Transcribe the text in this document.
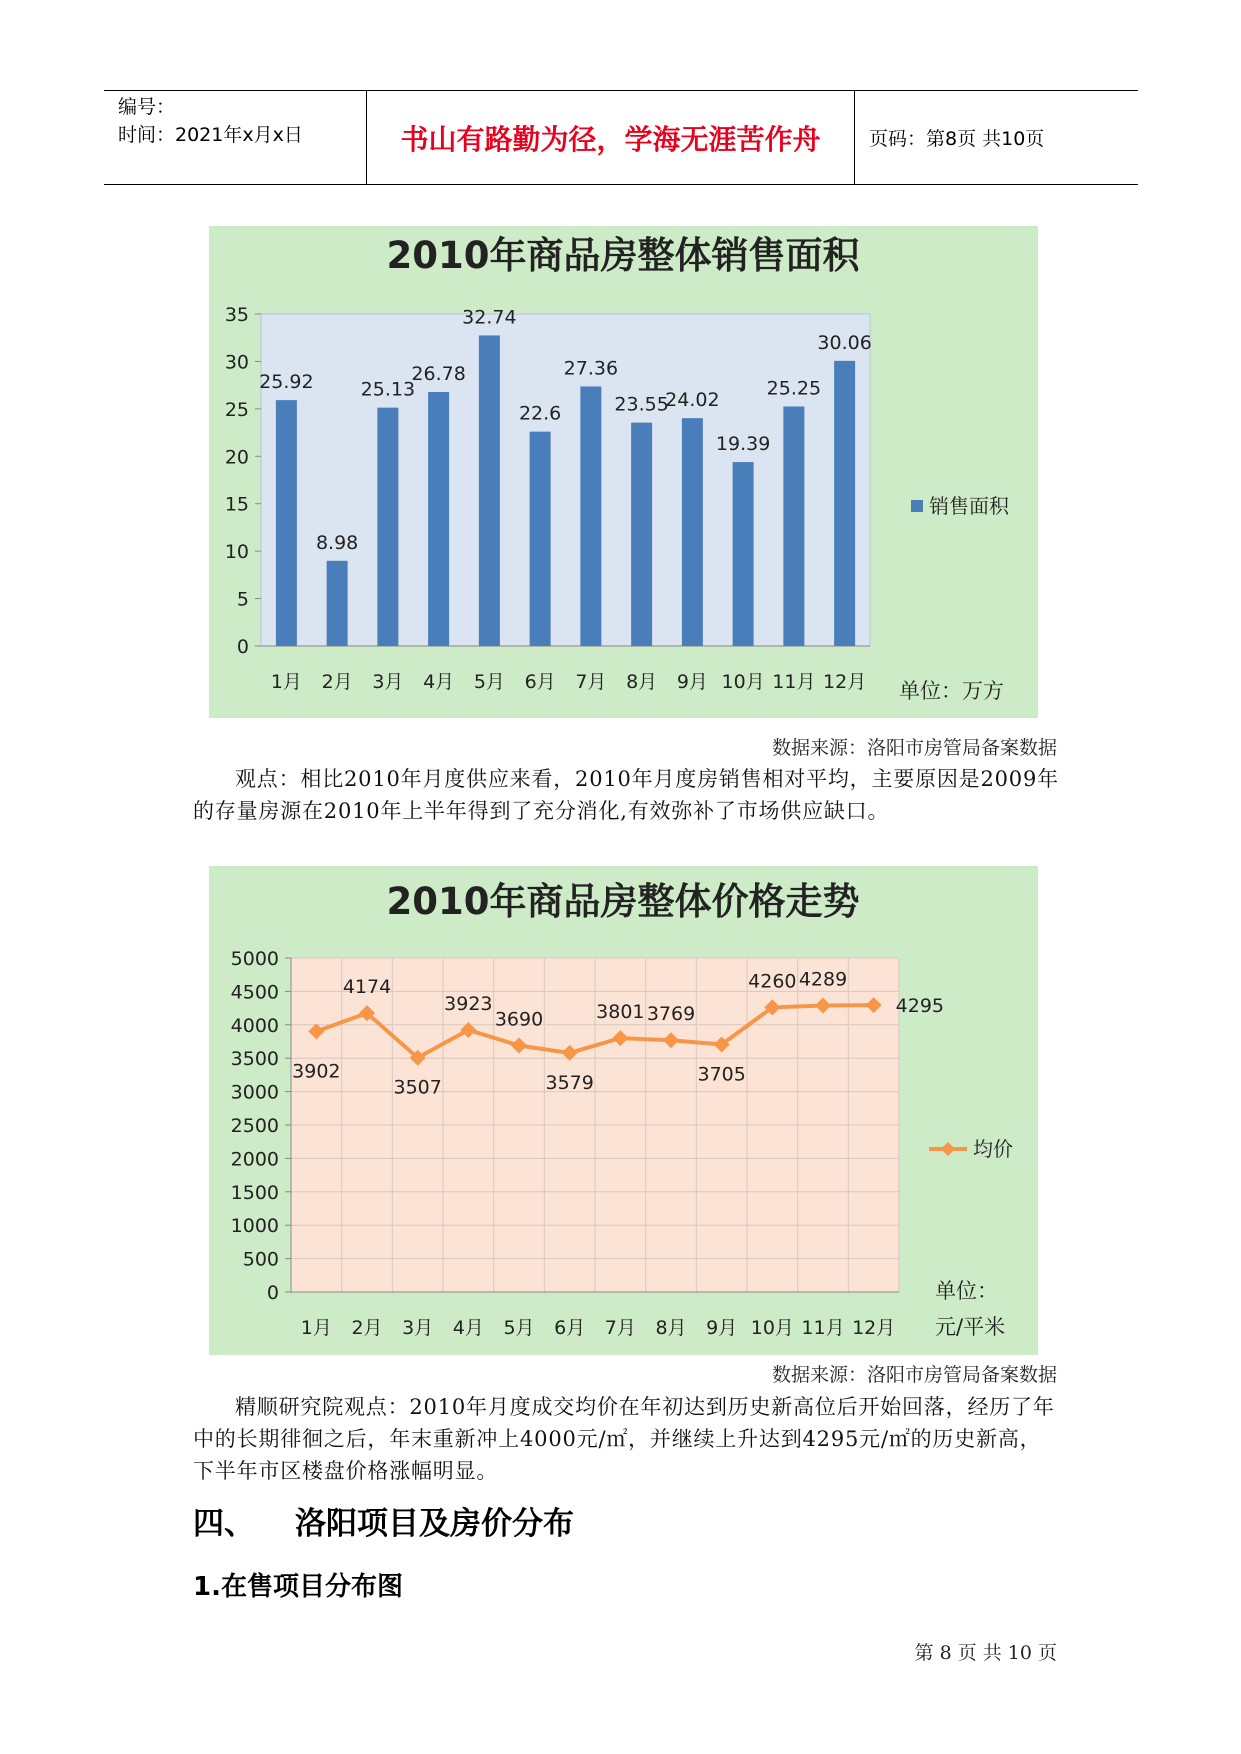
编号：
时间：2021年x月x日	书山有路勤为径，学海无涯苦作舟	页码：第8页 共10页
2010年商品房整体销售面积
0
5
10
15
20
25
30
35
25.92
1月
8.98
2月
25.13
3月
26.78
4月
32.74
5月
22.6
6月
27.36
7月
23.55
8月
24.02
9月
19.39
10月
25.25
11月
30.06
12月
销售面积
单位：万方
数据来源：洛阳市房管局备案数据
观点：相比2010年月度供应来看，2010年月度房销售相对平均，主要原因是2009年的存量房源在2010年上半年得到了充分消化,有效弥补了市场供应缺口。
2010年商品房整体价格走势
0
500
1000
1500
2000
2500
3000
3500
4000
4500
5000
3902
1月
4174
2月
3507
3月
3923
4月
3690
5月
3579
6月
3801
7月
3769
8月
3705
9月
4260
10月
4289
11月
4295
12月
均价
单位：
元/平米
数据来源：洛阳市房管局备案数据
精顺研究院观点：2010年月度成交均价在年初达到历史新高位后开始回落，经历了年中的长期徘徊之后，年末重新冲上4000元/㎡，并继续上升达到4295元/㎡的历史新高，下半年市区楼盘价格涨幅明显。
四、 洛阳项目及房价分布
1.在售项目分布图
第 8 页 共 10 页
